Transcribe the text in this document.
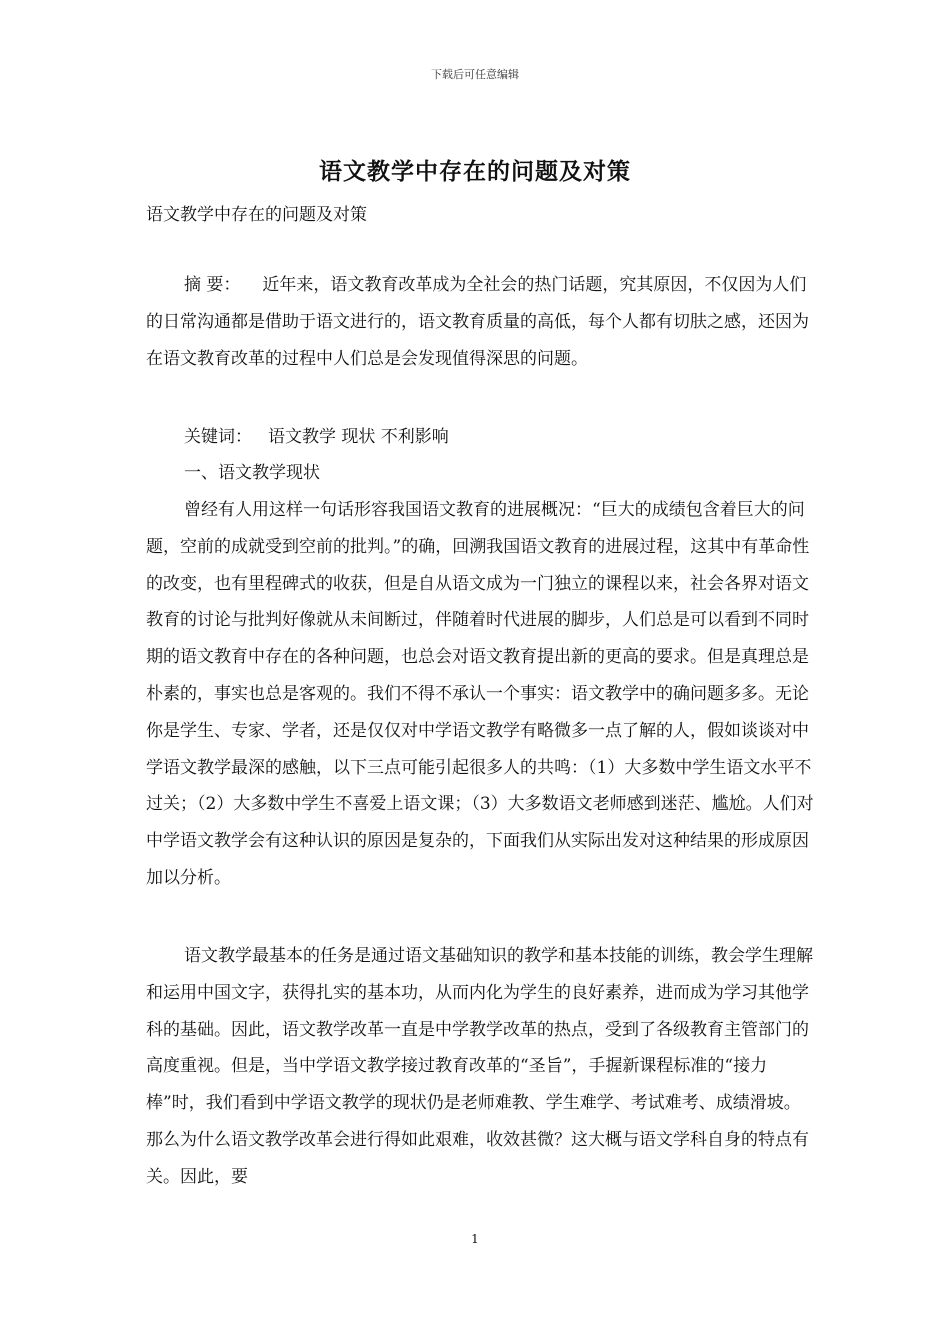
下载后可任意编辑
语文教学中存在的问题及对策
语文教学中存在的问题及对策
摘 要： 近年来，语文教育改革成为全社会的热门话题，究其原因，不仅因为人们的日常沟通都是借助于语文进行的，语文教育质量的高低，每个人都有切肤之感，还因为在语文教育改革的过程中人们总是会发现值得深思的问题。
关键词： 语文教学 现状 不利影响
一、语文教学现状
曾经有人用这样一句话形容我国语文教育的进展概况：“巨大的成绩包含着巨大的问题，空前的成就受到空前的批判。”的确，回溯我国语文教育的进展过程，这其中有革命性的改变，也有里程碑式的收获，但是自从语文成为一门独立的课程以来，社会各界对语文教育的讨论与批判好像就从未间断过，伴随着时代进展的脚步，人们总是可以看到不同时期的语文教育中存在的各种问题，也总会对语文教育提出新的更高的要求。但是真理总是朴素的，事实也总是客观的。我们不得不承认一个事实：语文教学中的确问题多多。无论你是学生、专家、学者，还是仅仅对中学语文教学有略微多一点了解的人，假如谈谈对中学语文教学最深的感触，以下三点可能引起很多人的共鸣：（1）大多数中学生语文水平不过关；（2）大多数中学生不喜爱上语文课；（3）大多数语文老师感到迷茫、尴尬。人们对中学语文教学会有这种认识的原因是复杂的，下面我们从实际出发对这种结果的形成原因加以分析。
语文教学最基本的任务是通过语文基础知识的教学和基本技能的训练，教会学生理解和运用中国文字，获得扎实的基本功，从而内化为学生的良好素养，进而成为学习其他学科的基础。因此，语文教学改革一直是中学教学改革的热点，受到了各级教育主管部门的高度重视。但是，当中学语文教学接过教育改革的“圣旨”，手握新课程标准的“接力棒”时，我们看到中学语文教学的现状仍是老师难教、学生难学、考试难考、成绩滑坡。那么为什么语文教学改革会进行得如此艰难，收效甚微？这大概与语文学科自身的特点有关。因此，要
1
